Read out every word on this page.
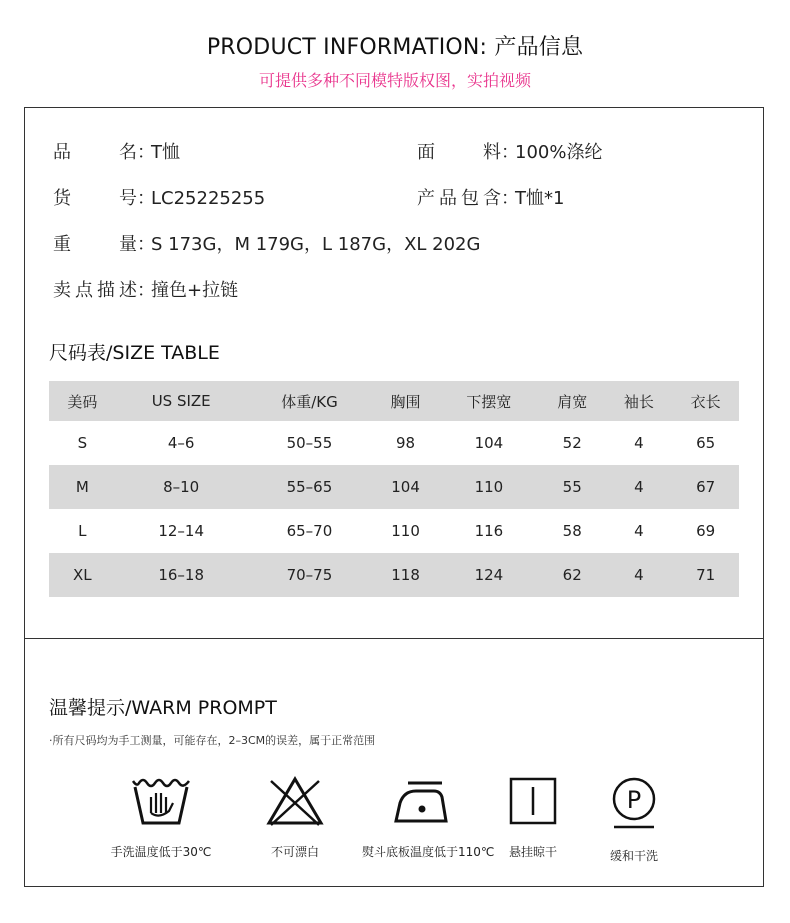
PRODUCT INFORMATION: 产品信息
可提供多种不同模特版权图，实拍视频
品名：T恤	面料：100%涤纶
货号：LC25225255	产品包含：T恤*1
重量：S 173G，M 179G，L 187G，XL 202G
卖点描述：撞色+拉链
尺码表/SIZE TABLE
美码	US SIZE	体重/KG	胸围	下摆宽	肩宽	袖长	衣长
S	4–6	50–55	98	104	52	4	65
M	8–10	55–65	104	110	55	4	67
L	12–14	65–70	110	116	58	4	69
XL	16–18	70–75	118	124	62	4	71
温馨提示/WARM PROMPT
·所有尺码均为手工测量，可能存在，2–3CM的误差，属于正常范围
手洗温度低于30℃	不可漂白	熨斗底板温度低于110℃	悬挂晾干
P
缓和干洗
